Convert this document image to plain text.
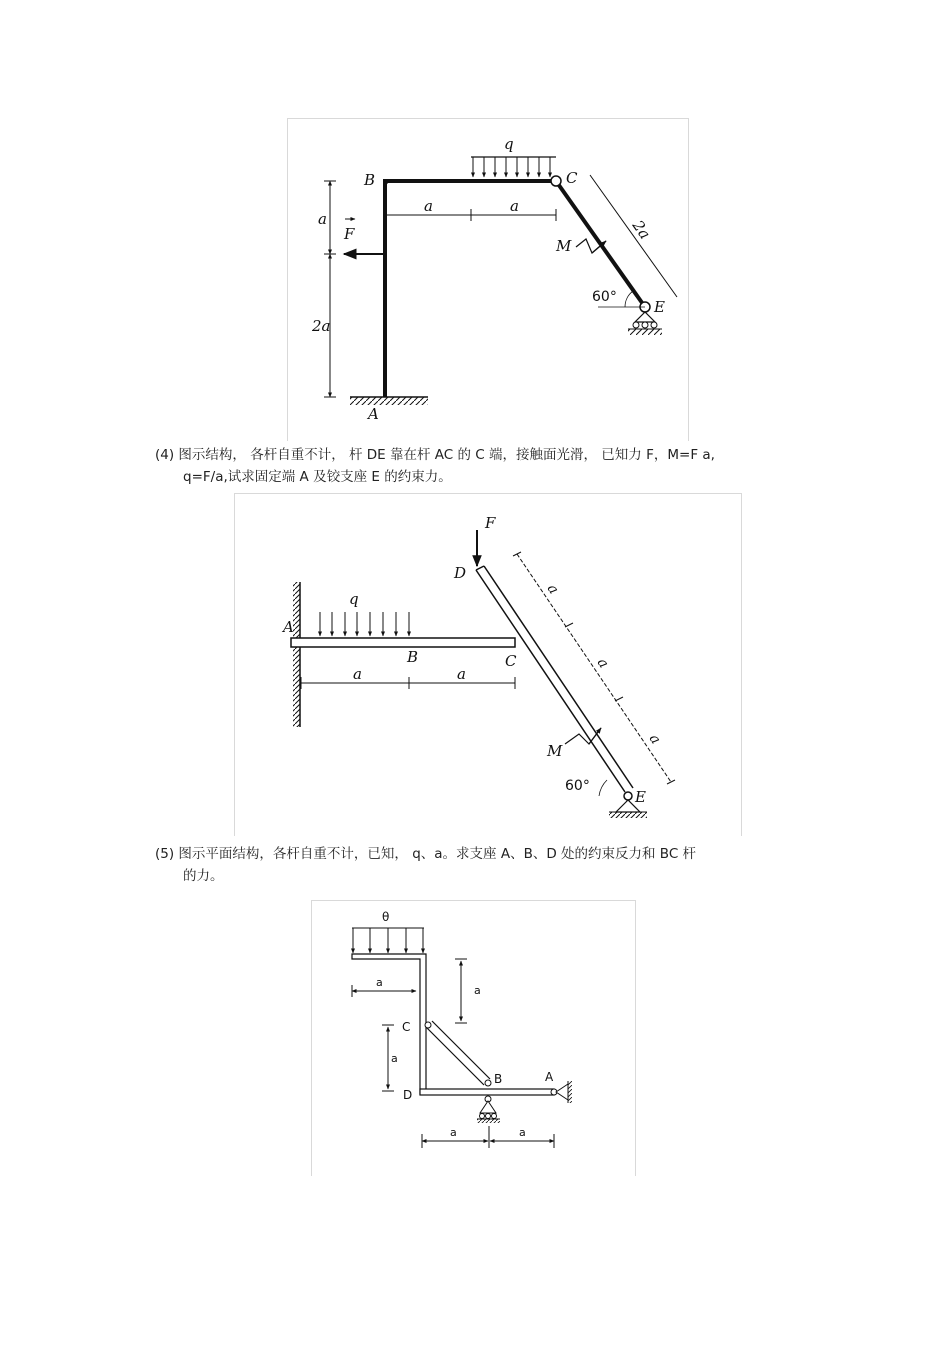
q
60°
M
F
B	C
E
A
a
2a
a	a
2a
(4) 图示结构， 各杆自重不计， 杆 DE 靠在杆 AC 的 C 端，接触面光滑， 已知力 F，M=F a,
q=F/a,试求固定端 A 及铰支座 E 的约束力。
q
60°
M
F
D
A
B	C
E
a	a
a
a
a
(5) 图示平面结构，各杆自重不计，已知， q、a。求支座 A、B、D 处的约束反力和 BC 杆
的力。
θ
C
D
B	A
a
a
a
a	a
